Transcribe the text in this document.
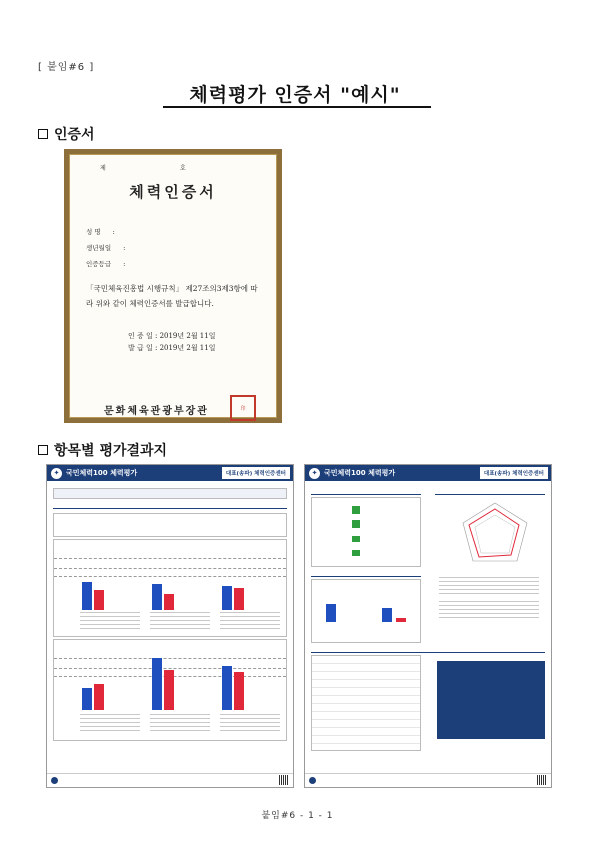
[ 붙임#6 ]
체력평가 인증서 "예시"
인증서
제	호
체력인증서
성 명 :
생년월일 :
인증등급 :
「국민체육진흥법 시행규칙」 제27조의3제3항에 따라 위와 같이 체력인증서를 발급합니다.
인 증 일 : 2019년 2월 11일
발 급 일 : 2019년 2월 11일
문화체육관광부장관	印
항목별 평가결과지
✦ 국민체력100 체력평가	대표(송파) 체력인증센터	✦ 국민체력100 체력평가	대표(송파) 체력인증센터
붙임#6 - 1 - 1
